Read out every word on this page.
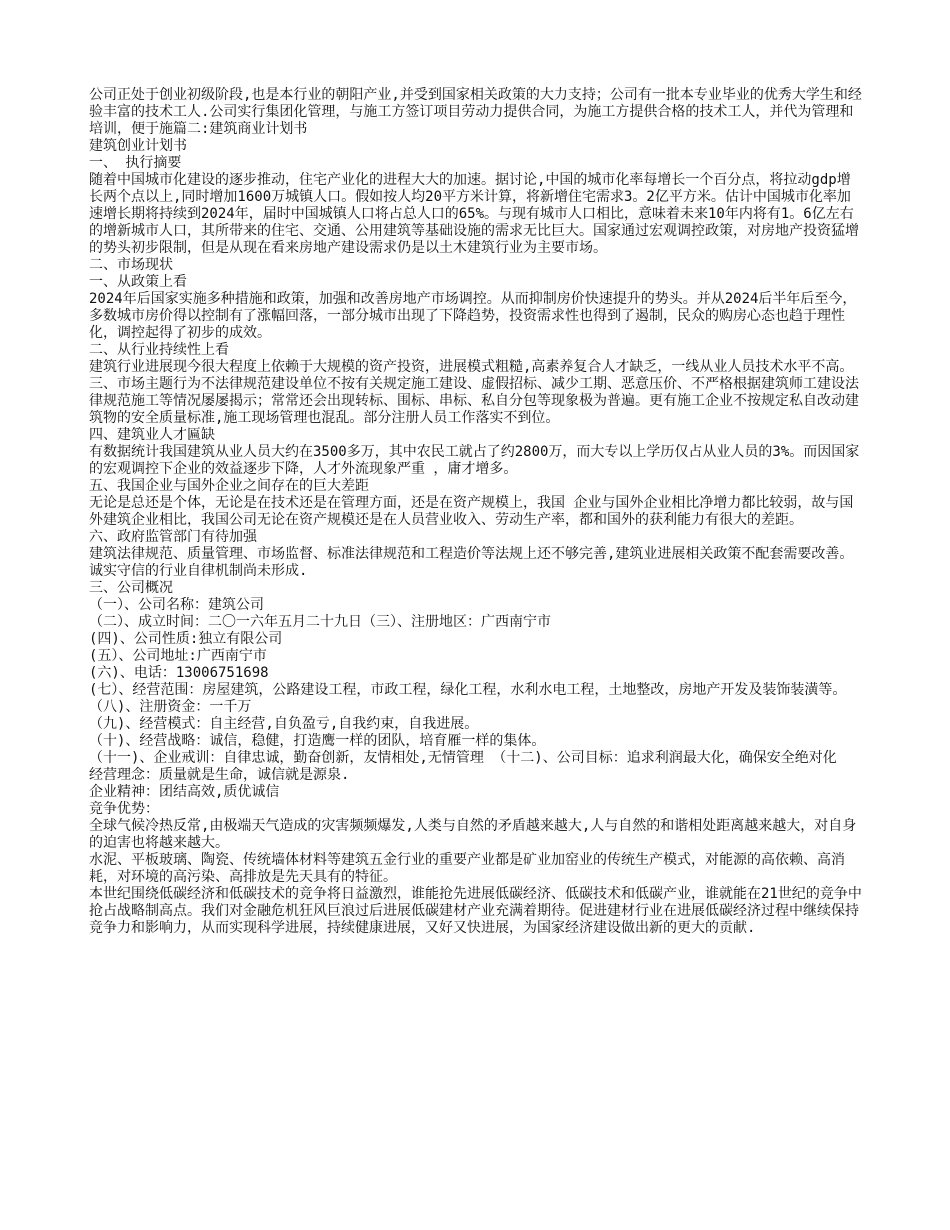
公司正处于创业初级阶段,也是本行业的朝阳产业,并受到国家相关政策的大力支持；公司有一批本专业毕业的优秀大学生和经验丰富的技术工人.公司实行集团化管理，与施工方签订项目劳动力提供合同，为施工方提供合格的技术工人，并代为管理和培训，便于施篇二:建筑商业计划书

建筑创业计划书

一、 执行摘要

随着中国城市化建设的逐步推动，住宅产业化的进程大大的加速。据讨论,中国的城市化率每增长一个百分点，将拉动gdp增长两个点以上,同时增加1600万城镇人口。假如按人均20平方米计算，将新增住宅需求3。2亿平方米。估计中国城市化率加速增长期将持续到2024年，届时中国城镇人口将占总人口的65%。与现有城市人口相比，意味着未来10年内将有1。6亿左右的增新城市人口，其所带来的住宅、交通、公用建筑等基础设施的需求无比巨大。国家通过宏观调控政策，对房地产投资猛增的势头初步限制，但是从现在看来房地产建设需求仍是以土木建筑行业为主要市场。

二、市场现状

一、从政策上看

2024年后国家实施多种措施和政策，加强和改善房地产市场调控。从而抑制房价快速提升的势头。并从2024后半年后至今，多数城市房价得以控制有了涨幅回落，一部分城市出现了下降趋势，投资需求性也得到了遏制，民众的购房心态也趋于理性化，调控起得了初步的成效。

二、从行业持续性上看

建筑行业进展现今很大程度上依赖于大规模的资产投资，进展模式粗糙,高素养复合人才缺乏，一线从业人员技术水平不高。

三、市场主题行为不法律规范建设单位不按有关规定施工建设、虚假招标、减少工期、恶意压价、不严格根据建筑师工建设法律规范施工等情况屡屡揭示；常常还会出现转标、围标、串标、私自分包等现象极为普遍。更有施工企业不按规定私自改动建筑物的安全质量标准,施工现场管理也混乱。部分注册人员工作落实不到位。

四、建筑业人才匾缺

有数据统计我国建筑从业人员大约在3500多万，其中农民工就占了约2800万，而大专以上学历仅占从业人员的3%。而因国家的宏观调控下企业的效益逐步下降，人才外流现象严重 ，庸才增多。

五、我国企业与国外企业之间存在的巨大差距

无论是总还是个体，无论是在技术还是在管理方面，还是在资产规模上，我国 企业与国外企业相比净增力都比较弱，故与国外建筑企业相比，我国公司无论在资产规模还是在人员营业收入、劳动生产率，都和国外的获利能力有很大的差距。

六、政府监管部门有待加强

建筑法律规范、质量管理、市场监督、标准法律规范和工程造价等法规上还不够完善,建筑业进展相关政策不配套需要改善。诚实守信的行业自律机制尚未形成.

三、公司概况

（一）、公司名称：建筑公司

（二）、成立时间：二〇一六年五月二十九日（三）、注册地区：广西南宁市

(四)、公司性质:独立有限公司

(五）、公司地址:广西南宁市

(六)、电话：13006751698

(七）、经营范围：房屋建筑，公路建设工程，市政工程，绿化工程，水利水电工程，土地整改，房地产开发及装饰装潢等。

（八)、注册资金：一千万

（九)、经营模式：自主经营,自负盈亏,自我约束，自我进展。

（十)、经营战略：诚信，稳健，打造鹰一样的团队，培育雁一样的集体。

（十一)、企业戒训：自律忠诚，勤奋创新，友情相处,无情管理 （十二)、公司目标：追求利润最大化，确保安全绝对化

经营理念：质量就是生命，诚信就是源泉.

企业精神：团结高效,质优诚信

竞争优势：

全球气候冷热反常,由极端天气造成的灾害频频爆发,人类与自然的矛盾越来越大,人与自然的和谐相处距离越来越大，对自身的迫害也将越来越大。

水泥、平板玻璃、陶瓷、传统墙体材料等建筑五金行业的重要产业都是矿业加窑业的传统生产模式，对能源的高依赖、高消耗，对环境的高污染、高排放是先天具有的特征。

本世纪围绕低碳经济和低碳技术的竞争将日益激烈，谁能抢先进展低碳经济、低碳技术和低碳产业，谁就能在21世纪的竞争中抢占战略制高点。我们对金融危机狂风巨浪过后进展低碳建材产业充满着期待。促进建材行业在进展低碳经济过程中继续保持竞争力和影响力，从而实现科学进展，持续健康进展，又好又快进展，为国家经济建设做出新的更大的贡献.
